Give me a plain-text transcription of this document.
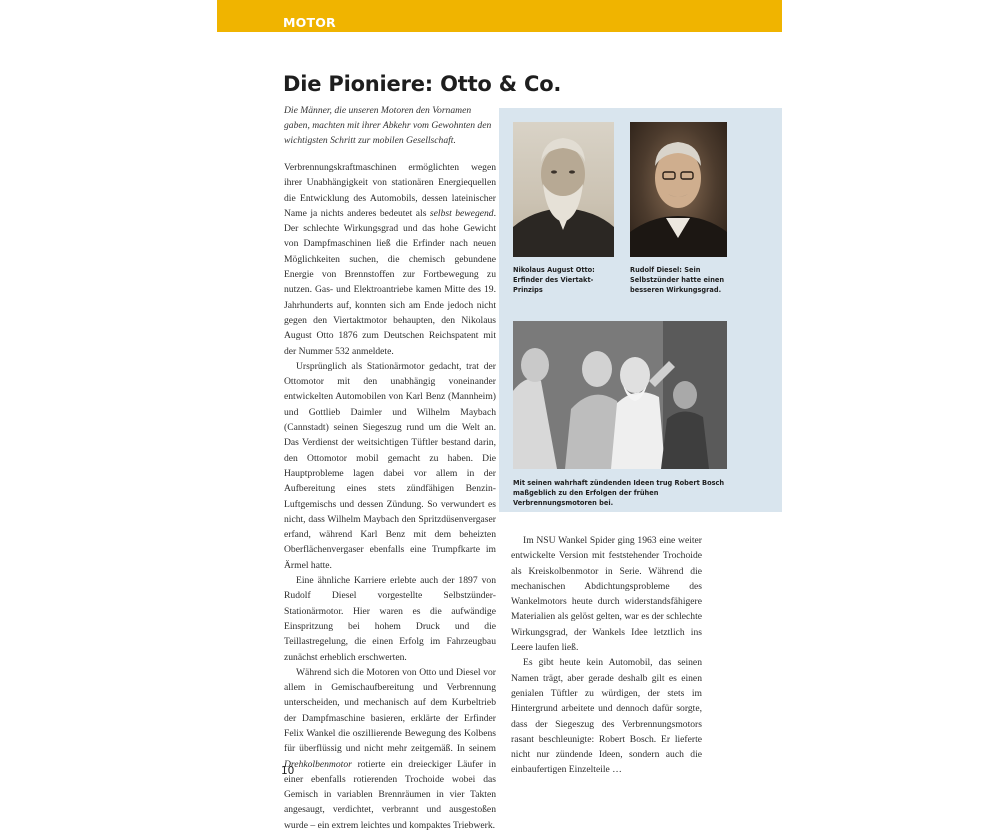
MOTOR
Die Pioniere: Otto & Co.

Die Männer, die unseren Motoren den Vornamen gaben, machten mit ihrer Abkehr vom Gewohnten den wichtigsten Schritt zur mobilen Gesellschaft.

Verbrennungskraftmaschinen ermöglichten wegen ihrer Unabhängigkeit von stationären Energiequellen die Entwicklung des Automobils, dessen lateinischer Name ja nichts anderes bedeutet als selbst bewegend. Der schlechte Wirkungsgrad und das hohe Gewicht von Dampfmaschinen ließ die Erfinder nach neuen Möglichkeiten suchen, die chemisch gebundene Energie von Brennstoffen zur Fortbewegung zu nutzen. Gas- und Elektroantriebe kamen Mitte des 19. Jahrhunderts auf, konnten sich am Ende jedoch nicht gegen den Viertaktmotor behaupten, den Nikolaus August Otto 1876 zum Deutschen Reichspatent mit der Nummer 532 anmeldete.

Ursprünglich als Stationärmotor gedacht, trat der Ottomotor mit den unabhängig voneinander entwickelten Automobilen von Karl Benz (Mannheim) und Gottlieb Daimler und Wilhelm Maybach (Cannstadt) seinen Siegeszug rund um die Welt an. Das Verdienst der weitsichtigen Tüftler bestand darin, den Ottomotor mobil gemacht zu haben. Die Hauptprobleme lagen dabei vor allem in der Aufbereitung eines stets zündfähigen Benzin-Luftgemischs und dessen Zündung. So verwundert es nicht, dass Wilhelm Maybach den Spritzdüsenvergaser erfand, während Karl Benz mit dem beheizten Oberflächenvergaser ebenfalls eine Trumpfkarte im Ärmel hatte.

Eine ähnliche Karriere erlebte auch der 1897 von Rudolf Diesel vorgestellte Selbstzünder-Stationärmotor. Hier waren es die aufwändige Einspritzung bei hohem Druck und die Teillastregelung, die einen Erfolg im Fahrzeugbau zunächst erheblich erschwerten.

Während sich die Motoren von Otto und Diesel vor allem in Gemischaufbereitung und Verbrennung unterscheiden, und mechanisch auf dem Kurbeltrieb der Dampfmaschine basieren, erklärte der Erfinder Felix Wankel die oszillierende Bewegung des Kolbens für überflüssig und nicht mehr zeitgemäß. In seinem Drehkolbenmotor rotierte ein dreieckiger Läufer in einer ebenfalls rotierenden Trochoide wobei das Gemisch in variablen Brennräumen in vier Takten angesaugt, verdichtet, verbrannt und ausgestoßen wurde – ein extrem leichtes und kompaktes Triebwerk.

Nikolaus August Otto: Erfinder des Viertakt-Prinzips
Rudolf Diesel: Sein Selbstzünder hatte einen besseren Wirkungsgrad.
Mit seinen wahrhaft zündenden Ideen trug Robert Bosch maßgeblich zu den Erfolgen der frühen Verbrennungsmotoren bei.

Im NSU Wankel Spider ging 1963 eine weiter entwickelte Version mit feststehender Trochoide als Kreiskolbenmotor in Serie. Während die mechanischen Abdichtungsprobleme des Wankelmotors heute durch widerstandsfähigere Materialien als gelöst gelten, war es der schlechte Wirkungsgrad, der Wankels Idee letztlich ins Leere laufen ließ.

Es gibt heute kein Automobil, das seinen Namen trägt, aber gerade deshalb gilt es einen genialen Tüftler zu würdigen, der stets im Hintergrund arbeitete und dennoch dafür sorgte, dass der Siegeszug des Verbrennungsmotors rasant beschleunigte: Robert Bosch. Er lieferte nicht nur zündende Ideen, sondern auch die einbaufertigen Einzelteile …

10
